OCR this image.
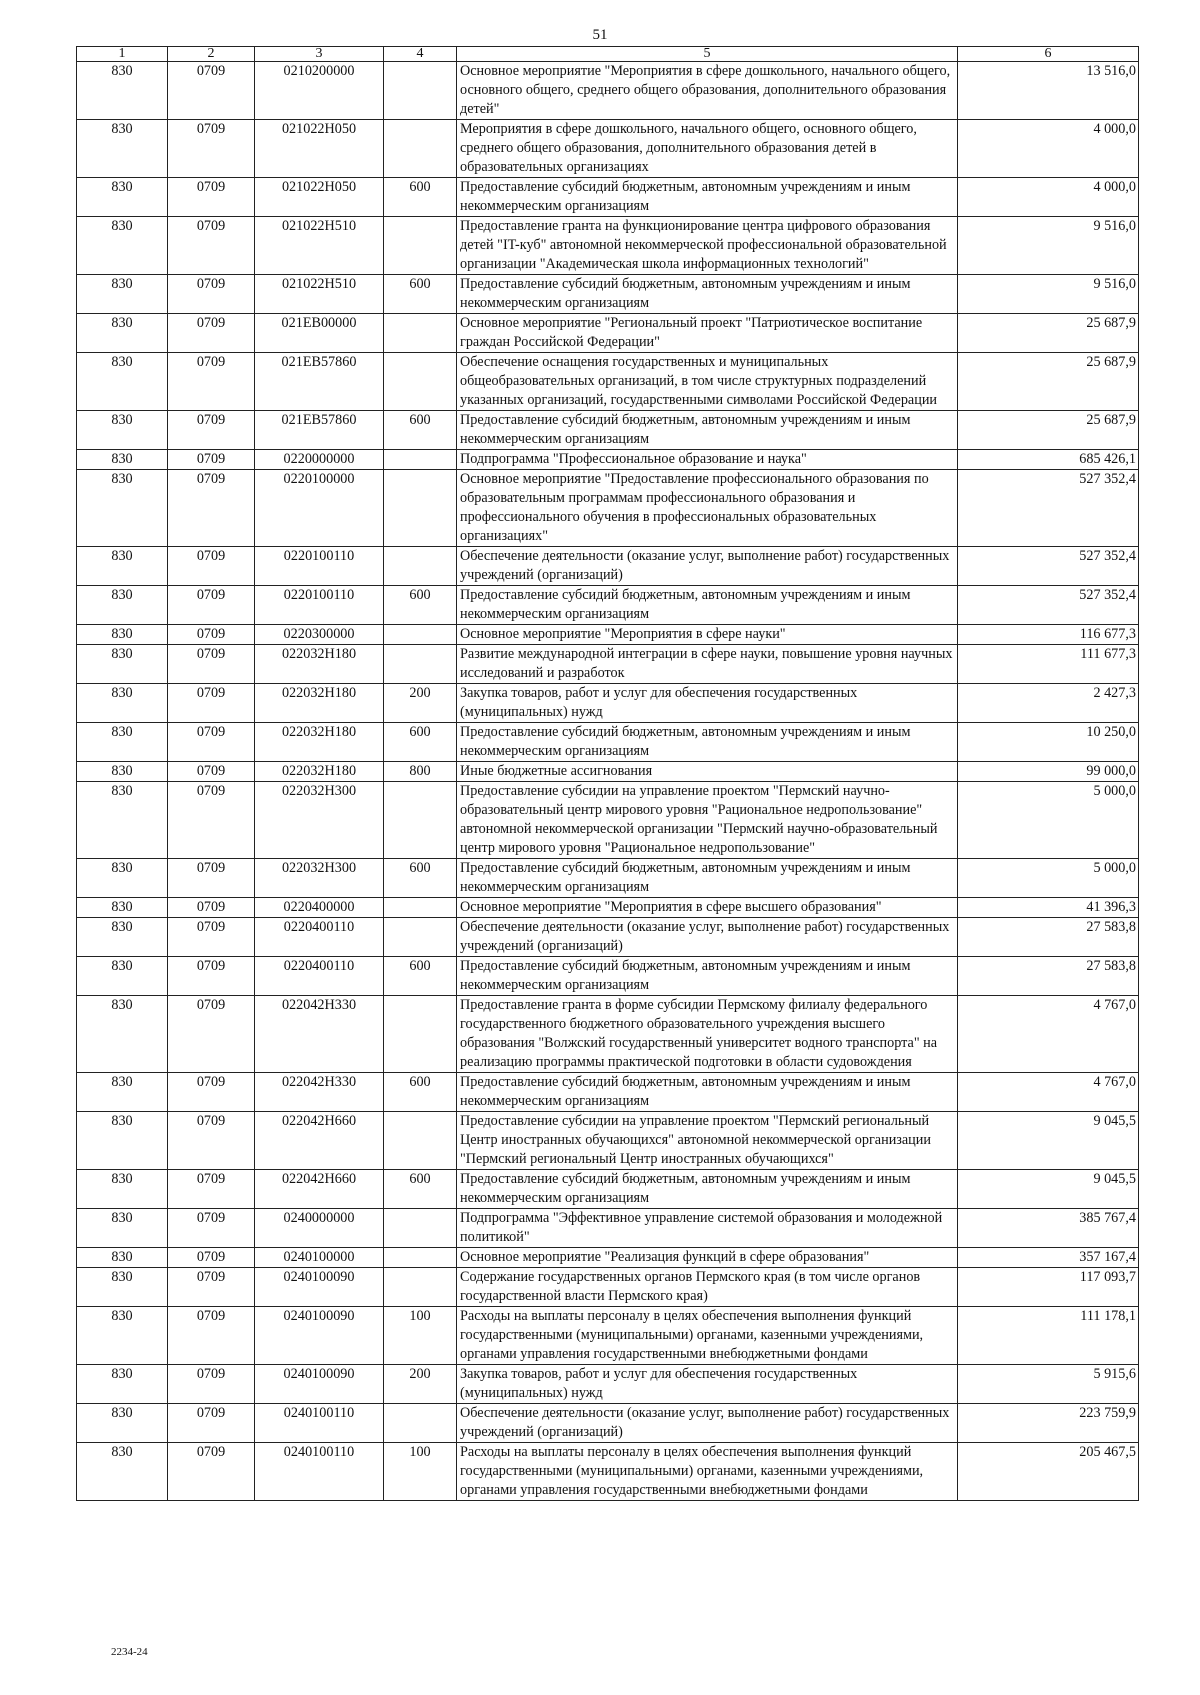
51
1	2	3	4	5	6
830	0709	0210200000		Основное мероприятие "Мероприятия в сфере дошкольного, начального общего, основного общего, среднего общего образования, дополнительного образования детей"	13 516,0
830	0709	021022Н050		Мероприятия в сфере дошкольного, начального общего, основного общего, среднего общего образования, дополнительного образования детей в образовательных организациях	4 000,0
830	0709	021022Н050	600	Предоставление субсидий бюджетным, автономным учреждениям и иным некоммерческим организациям	4 000,0
830	0709	021022Н510		Предоставление гранта на функционирование центра цифрового образования детей "IT-куб" автономной некоммерческой профессиональной образовательной организации "Академическая школа информационных технологий"	9 516,0
830	0709	021022Н510	600	Предоставление субсидий бюджетным, автономным учреждениям и иным некоммерческим организациям	9 516,0
830	0709	021EB00000		Основное мероприятие "Региональный проект "Патриотическое воспитание граждан Российской Федерации"	25 687,9
830	0709	021EB57860		Обеспечение оснащения государственных и муниципальных общеобразовательных организаций, в том числе структурных подразделений указанных организаций, государственными символами Российской Федерации	25 687,9
830	0709	021EB57860	600	Предоставление субсидий бюджетным, автономным учреждениям и иным некоммерческим организациям	25 687,9
830	0709	0220000000		Подпрограмма "Профессиональное образование и наука"	685 426,1
830	0709	0220100000		Основное мероприятие "Предоставление профессионального образования по образовательным программам профессионального образования и профессионального обучения в профессиональных образовательных организациях"	527 352,4
830	0709	0220100110		Обеспечение деятельности (оказание услуг, выполнение работ) государственных учреждений (организаций)	527 352,4
830	0709	0220100110	600	Предоставление субсидий бюджетным, автономным учреждениям и иным некоммерческим организациям	527 352,4
830	0709	0220300000		Основное мероприятие "Мероприятия в сфере науки"	116 677,3
830	0709	022032Н180		Развитие международной интеграции в сфере науки, повышение уровня научных исследований и разработок	111 677,3
830	0709	022032Н180	200	Закупка товаров, работ и услуг для обеспечения государственных (муниципальных) нужд	2 427,3
830	0709	022032Н180	600	Предоставление субсидий бюджетным, автономным учреждениям и иным некоммерческим организациям	10 250,0
830	0709	022032Н180	800	Иные бюджетные ассигнования	99 000,0
830	0709	022032Н300		Предоставление субсидии на управление проектом "Пермский научно-образовательный центр мирового уровня "Рациональное недропользование" автономной некоммерческой организации "Пермский научно-образовательный центр мирового уровня "Рациональное недропользование"	5 000,0
830	0709	022032Н300	600	Предоставление субсидий бюджетным, автономным учреждениям и иным некоммерческим организациям	5 000,0
830	0709	0220400000		Основное мероприятие "Мероприятия в сфере высшего образования"	41 396,3
830	0709	0220400110		Обеспечение деятельности (оказание услуг, выполнение работ) государственных учреждений (организаций)	27 583,8
830	0709	0220400110	600	Предоставление субсидий бюджетным, автономным учреждениям и иным некоммерческим организациям	27 583,8
830	0709	022042Н330		Предоставление гранта в форме субсидии Пермскому филиалу федерального государственного бюджетного образовательного учреждения высшего образования "Волжский государственный университет водного транспорта" на реализацию программы практической подготовки в области судовождения	4 767,0
830	0709	022042Н330	600	Предоставление субсидий бюджетным, автономным учреждениям и иным некоммерческим организациям	4 767,0
830	0709	022042Н660		Предоставление субсидии на управление проектом "Пермский региональный Центр иностранных обучающихся" автономной некоммерческой организации "Пермский региональный Центр иностранных обучающихся"	9 045,5
830	0709	022042Н660	600	Предоставление субсидий бюджетным, автономным учреждениям и иным некоммерческим организациям	9 045,5
830	0709	0240000000		Подпрограмма "Эффективное управление системой образования и молодежной политикой"	385 767,4
830	0709	0240100000		Основное мероприятие "Реализация функций в сфере образования"	357 167,4
830	0709	0240100090		Содержание государственных органов Пермского края (в том числе органов государственной власти Пермского края)	117 093,7
830	0709	0240100090	100	Расходы на выплаты персоналу в целях обеспечения выполнения функций государственными (муниципальными) органами, казенными учреждениями, органами управления государственными внебюджетными фондами	111 178,1
830	0709	0240100090	200	Закупка товаров, работ и услуг для обеспечения государственных (муниципальных) нужд	5 915,6
830	0709	0240100110		Обеспечение деятельности (оказание услуг, выполнение работ) государственных учреждений (организаций)	223 759,9
830	0709	0240100110	100	Расходы на выплаты персоналу в целях обеспечения выполнения функций государственными (муниципальными) органами, казенными учреждениями, органами управления государственными внебюджетными фондами	205 467,5
2234-24
